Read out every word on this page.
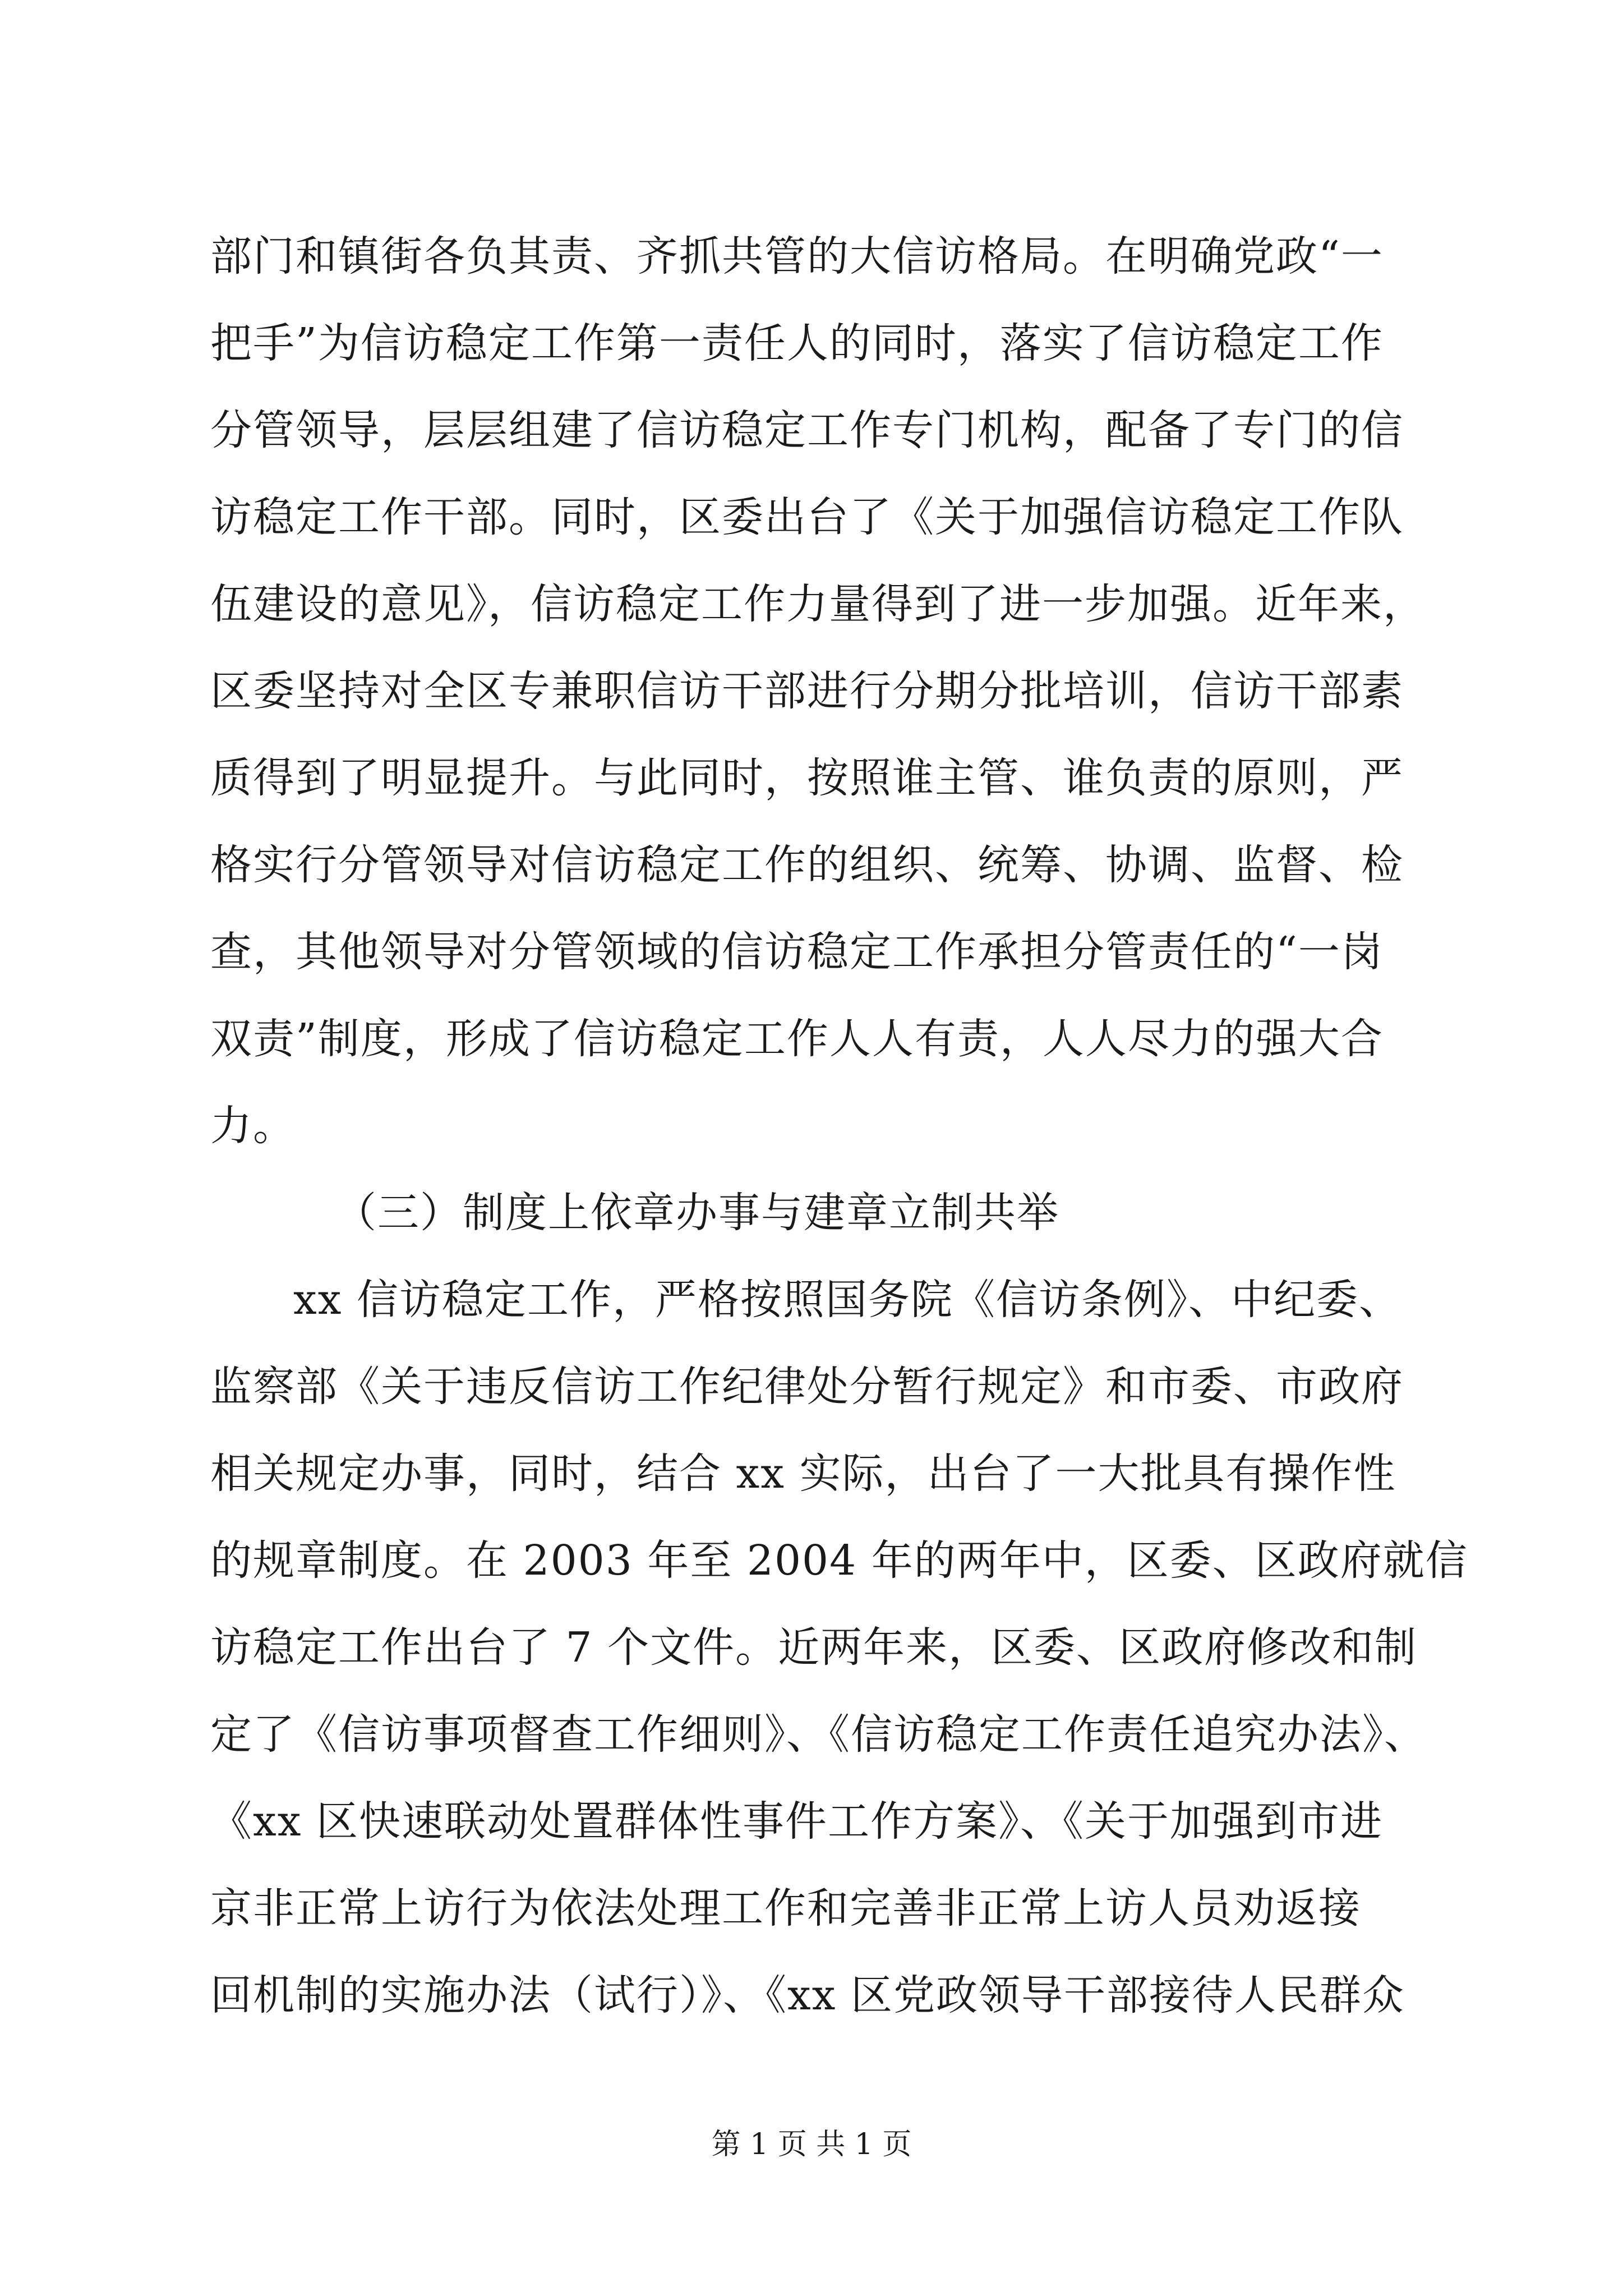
部门和镇街各负其责、齐抓共管的大信访格局。在明确党政“一
把手”为信访稳定工作第一责任人的同时，落实了信访稳定工作
分管领导，层层组建了信访稳定工作专门机构，配备了专门的信
访稳定工作干部。同时，区委出台了《关于加强信访稳定工作队
伍建设的意见》，信访稳定工作力量得到了进一步加强。近年来，
区委坚持对全区专兼职信访干部进行分期分批培训，信访干部素
质得到了明显提升。与此同时，按照谁主管、谁负责的原则，严
格实行分管领导对信访稳定工作的组织、统筹、协调、监督、检
查，其他领导对分管领域的信访稳定工作承担分管责任的“一岗
双责”制度，形成了信访稳定工作人人有责，人人尽力的强大合
力。
（三）制度上依章办事与建章立制共举
xx 信访稳定工作，严格按照国务院《信访条例》、中纪委、
监察部《关于违反信访工作纪律处分暂行规定》和市委、市政府
相关规定办事，同时，结合 xx 实际，出台了一大批具有操作性
的规章制度。在 2003 年至 2004 年的两年中，区委、区政府就信
访稳定工作出台了 7 个文件。近两年来，区委、区政府修改和制
定了《信访事项督查工作细则》、《信访稳定工作责任追究办法》、
《xx 区快速联动处置群体性事件工作方案》、《关于加强到市进
京非正常上访行为依法处理工作和完善非正常上访人员劝返接
回机制的实施办法（试行）》、《xx 区党政领导干部接待人民群众
第 1 页 共 1 页
